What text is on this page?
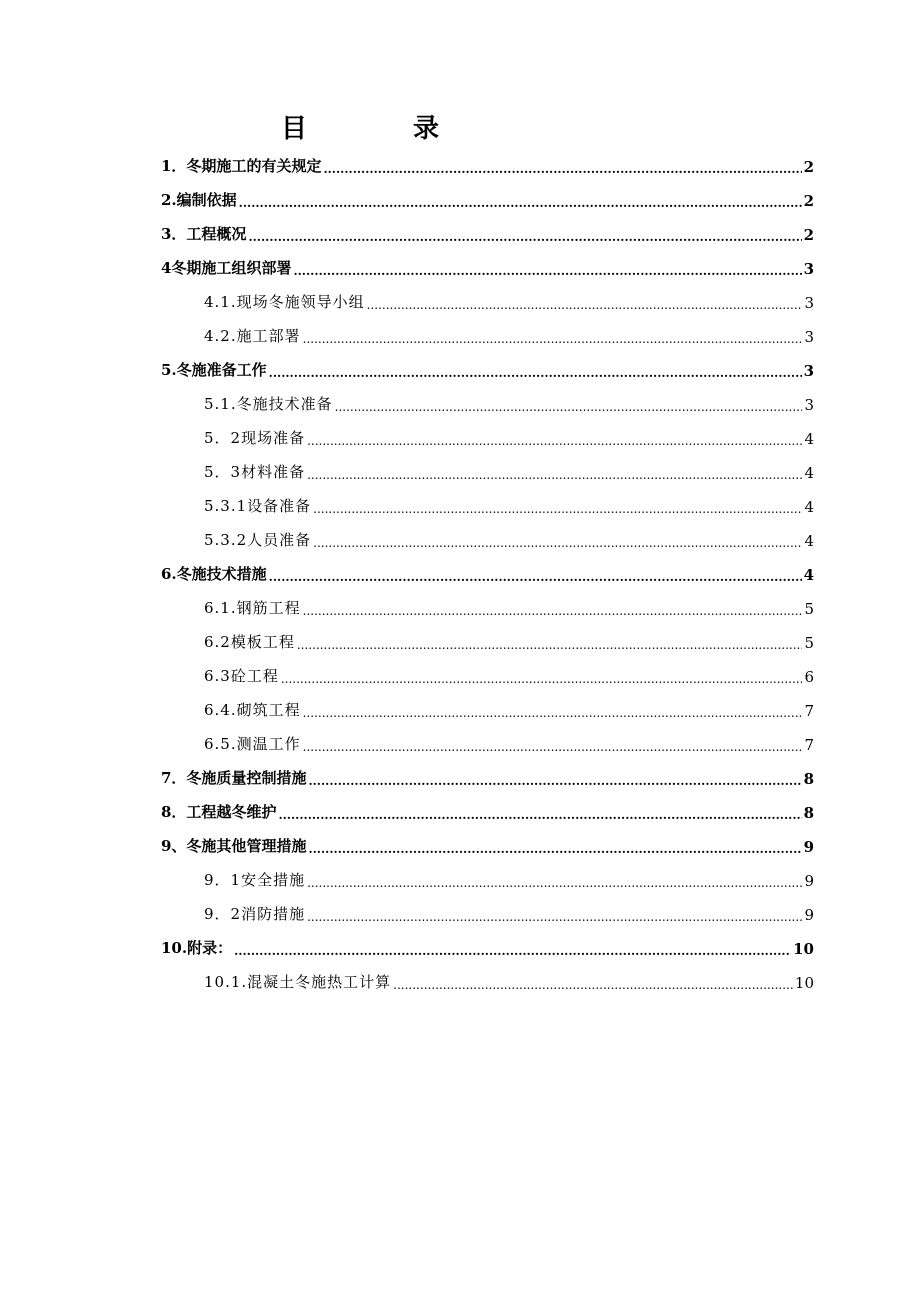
目	录
1．冬期施工的有关规定 .....	2
2.编制依据 .....	2
3．工程概况 .....	2
4冬期施工组织部署 .....	3
4.1.现场冬施领导小组 .....	3
4.2.施工部署 .....	3
5.冬施准备工作 .....	3
5.1.冬施技术准备 .....	3
5．2现场准备 .....	4
5．3材料准备 .....	4
5.3.1设备准备 .....	4
5.3.2人员准备 .....	4
6.冬施技术措施 .....	4
6.1.钢筋工程 .....	5
6.2模板工程 .....	5
6.3砼工程 .....	6
6.4.砌筑工程 .....	7
6.5.测温工作 .....	7
7．冬施质量控制措施 .....	8
8．工程越冬维护 .....	8
9、冬施其他管理措施 .....	9
9．1安全措施 .....	9
9．2消防措施 .....	9
10.附录： .....	10
10.1.混凝土冬施热工计算 .....	10
